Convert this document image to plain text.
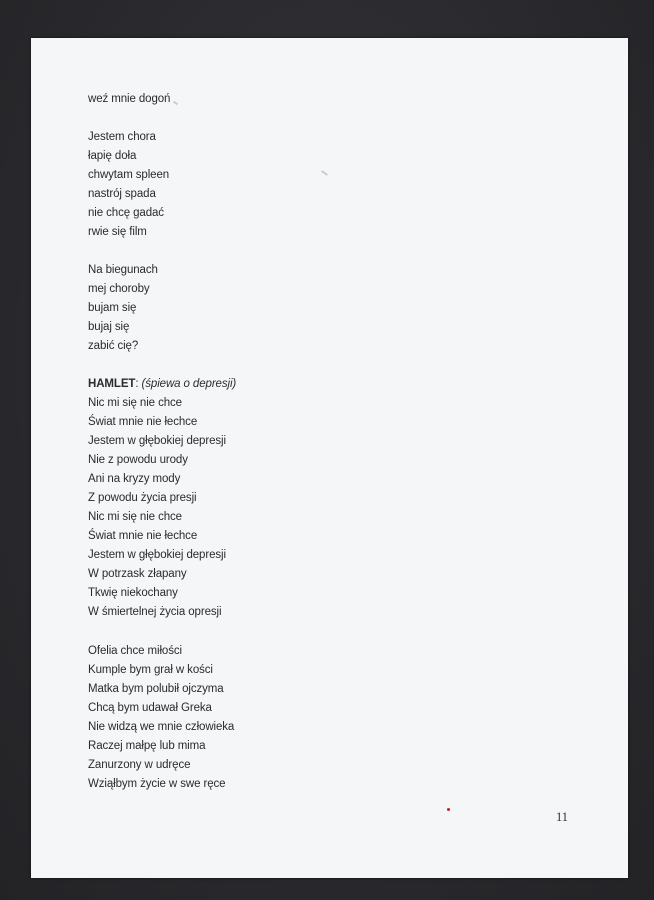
weź mnie dogoń
Jestem chora
łapię doła
chwytam spleen
nastrój spada
nie chcę gadać
rwie się film
Na biegunach
mej choroby
bujam się
bujaj się
zabić cię?
HAMLET: (śpiewa o depresji)
Nic mi się nie chce
Świat mnie nie łechce
Jestem w głębokiej depresji
Nie z powodu urody
Ani na kryzy mody
Z powodu życia presji
Nic mi się nie chce
Świat mnie nie łechce
Jestem w głębokiej depresji
W potrzask złapany
Tkwię niekochany
W śmiertelnej życia opresji
Ofelia chce miłości
Kumple bym grał w kości
Matka bym polubił ojczyma
Chcą bym udawał Greka
Nie widzą we mnie człowieka
Raczej małpę lub mima
Zanurzony w udręce
Wziąłbym życie w swe ręce
11
